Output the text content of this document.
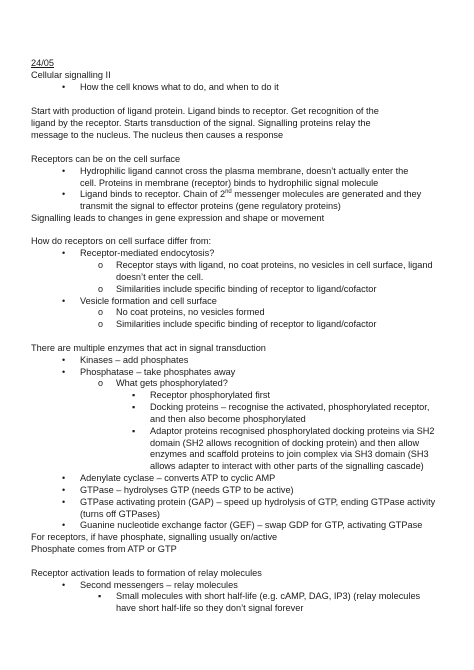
24/05
Cellular signalling II
• How the cell knows what to do, and when to do it
Start with production of ligand protein. Ligand binds to receptor. Get recognition of the
ligand by the receptor. Starts transduction of the signal. Signalling proteins relay the
message to the nucleus. The nucleus then causes a response
Receptors can be on the cell surface
• Hydrophilic ligand cannot cross the plasma membrane, doesn’t actually enter the
cell. Proteins in membrane (receptor) binds to hydrophilic signal molecule
• Ligand binds to receptor. Chain of 2nd messenger molecules are generated and they
transmit the signal to effector proteins (gene regulatory proteins)
Signalling leads to changes in gene expression and shape or movement
How do receptors on cell surface differ from:
• Receptor-mediated endocytosis?
o Receptor stays with ligand, no coat proteins, no vesicles in cell surface, ligand
doesn’t enter the cell.
o Similarities include specific binding of receptor to ligand/cofactor
• Vesicle formation and cell surface
o No coat proteins, no vesicles formed
o Similarities include specific binding of receptor to ligand/cofactor
There are multiple enzymes that act in signal transduction
• Kinases – add phosphates
• Phosphatase – take phosphates away
o What gets phosphorylated?
▪ Receptor phosphorylated first
▪ Docking proteins – recognise the activated, phosphorylated receptor,
and then also become phosphorylated
▪ Adaptor proteins recognised phosphorylated docking proteins via SH2
domain (SH2 allows recognition of docking protein) and then allow
enzymes and scaffold proteins to join complex via SH3 domain (SH3
allows adapter to interact with other parts of the signalling cascade)
• Adenylate cyclase – converts ATP to cyclic AMP
• GTPase – hydrolyses GTP (needs GTP to be active)
• GTPase activating protein (GAP) – speed up hydrolysis of GTP, ending GTPase activity
(turns off GTPases)
• Guanine nucleotide exchange factor (GEF) – swap GDP for GTP, activating GTPase
For receptors, if have phosphate, signalling usually on/active
Phosphate comes from ATP or GTP
Receptor activation leads to formation of relay molecules
• Second messengers – relay molecules
▪ Small molecules with short half-life (e.g. cAMP, DAG, IP3) (relay molecules
have short half-life so they don’t signal forever
